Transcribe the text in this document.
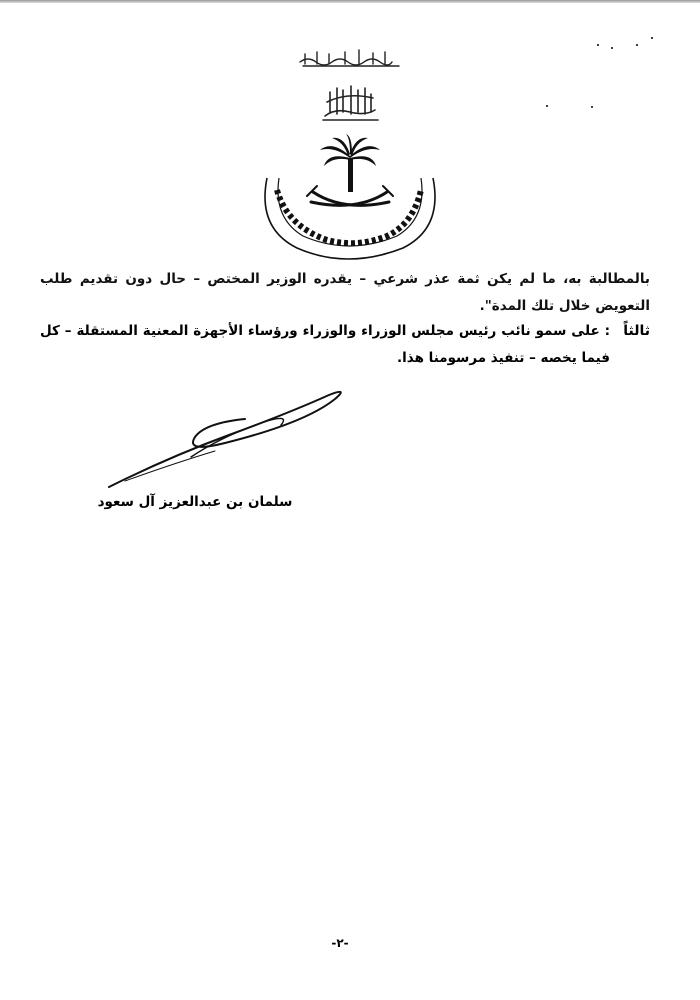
بالمطالبة به، ما لم يكن ثمة عذر شرعي – يقدره الوزير المختص – حال دون تقديم طلب التعويض خلال تلك المدة".
ثالثاً
: على سمو نائب رئيس مجلس الوزراء والوزراء ورؤساء الأجهزة المعنية المستقلة – كل فيما يخصه – تنفيذ مرسومنا هذا.
سلمان بن عبدالعزيز آل سعود
-٢-
